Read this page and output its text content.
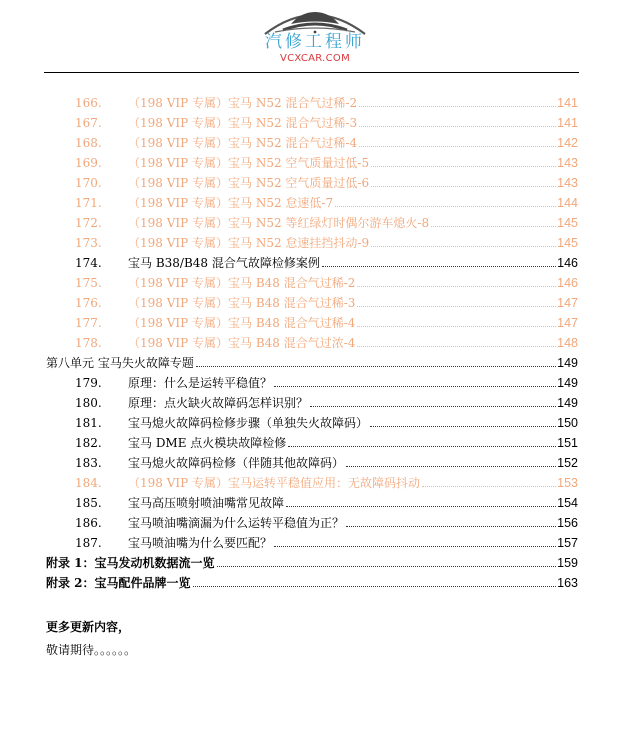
汽修工程师
VCXCAR.COM
166. （198 VIP 专属）宝马 N52 混合气过稀-2	141
167. （198 VIP 专属）宝马 N52 混合气过稀-3	141
168. （198 VIP 专属）宝马 N52 混合气过稀-4	142
169. （198 VIP 专属）宝马 N52 空气质量过低-5	143
170. （198 VIP 专属）宝马 N52 空气质量过低-6	143
171. （198 VIP 专属）宝马 N52 怠速低-7	144
172. （198 VIP 专属）宝马 N52 等红绿灯时偶尔游车熄火-8	145
173. （198 VIP 专属）宝马 N52 怠速挂挡抖动-9	145
174. 宝马 B38/B48 混合气故障检修案例	146
175. （198 VIP 专属）宝马 B48 混合气过稀-2	146
176. （198 VIP 专属）宝马 B48 混合气过稀-3	147
177. （198 VIP 专属）宝马 B48 混合气过稀-4	147
178. （198 VIP 专属）宝马 B48 混合气过浓-4	148
第八单元 宝马失火故障专题	149
179. 原理：什么是运转平稳值？	149
180. 原理：点火缺火故障码怎样识别？	149
181. 宝马熄火故障码检修步骤（单独失火故障码）	150
182. 宝马 DME 点火模块故障检修	151
183. 宝马熄火故障码检修（伴随其他故障码）	152
184. （198 VIP 专属）宝马运转平稳值应用：无故障码抖动	153
185. 宝马高压喷射喷油嘴常见故障	154
186. 宝马喷油嘴滴漏为什么运转平稳值为正？	156
187. 宝马喷油嘴为什么要匹配？	157
附录 1：宝马发动机数据流一览	159
附录 2：宝马配件品牌一览	163
更多更新内容，
敬请期待。。。。。。
